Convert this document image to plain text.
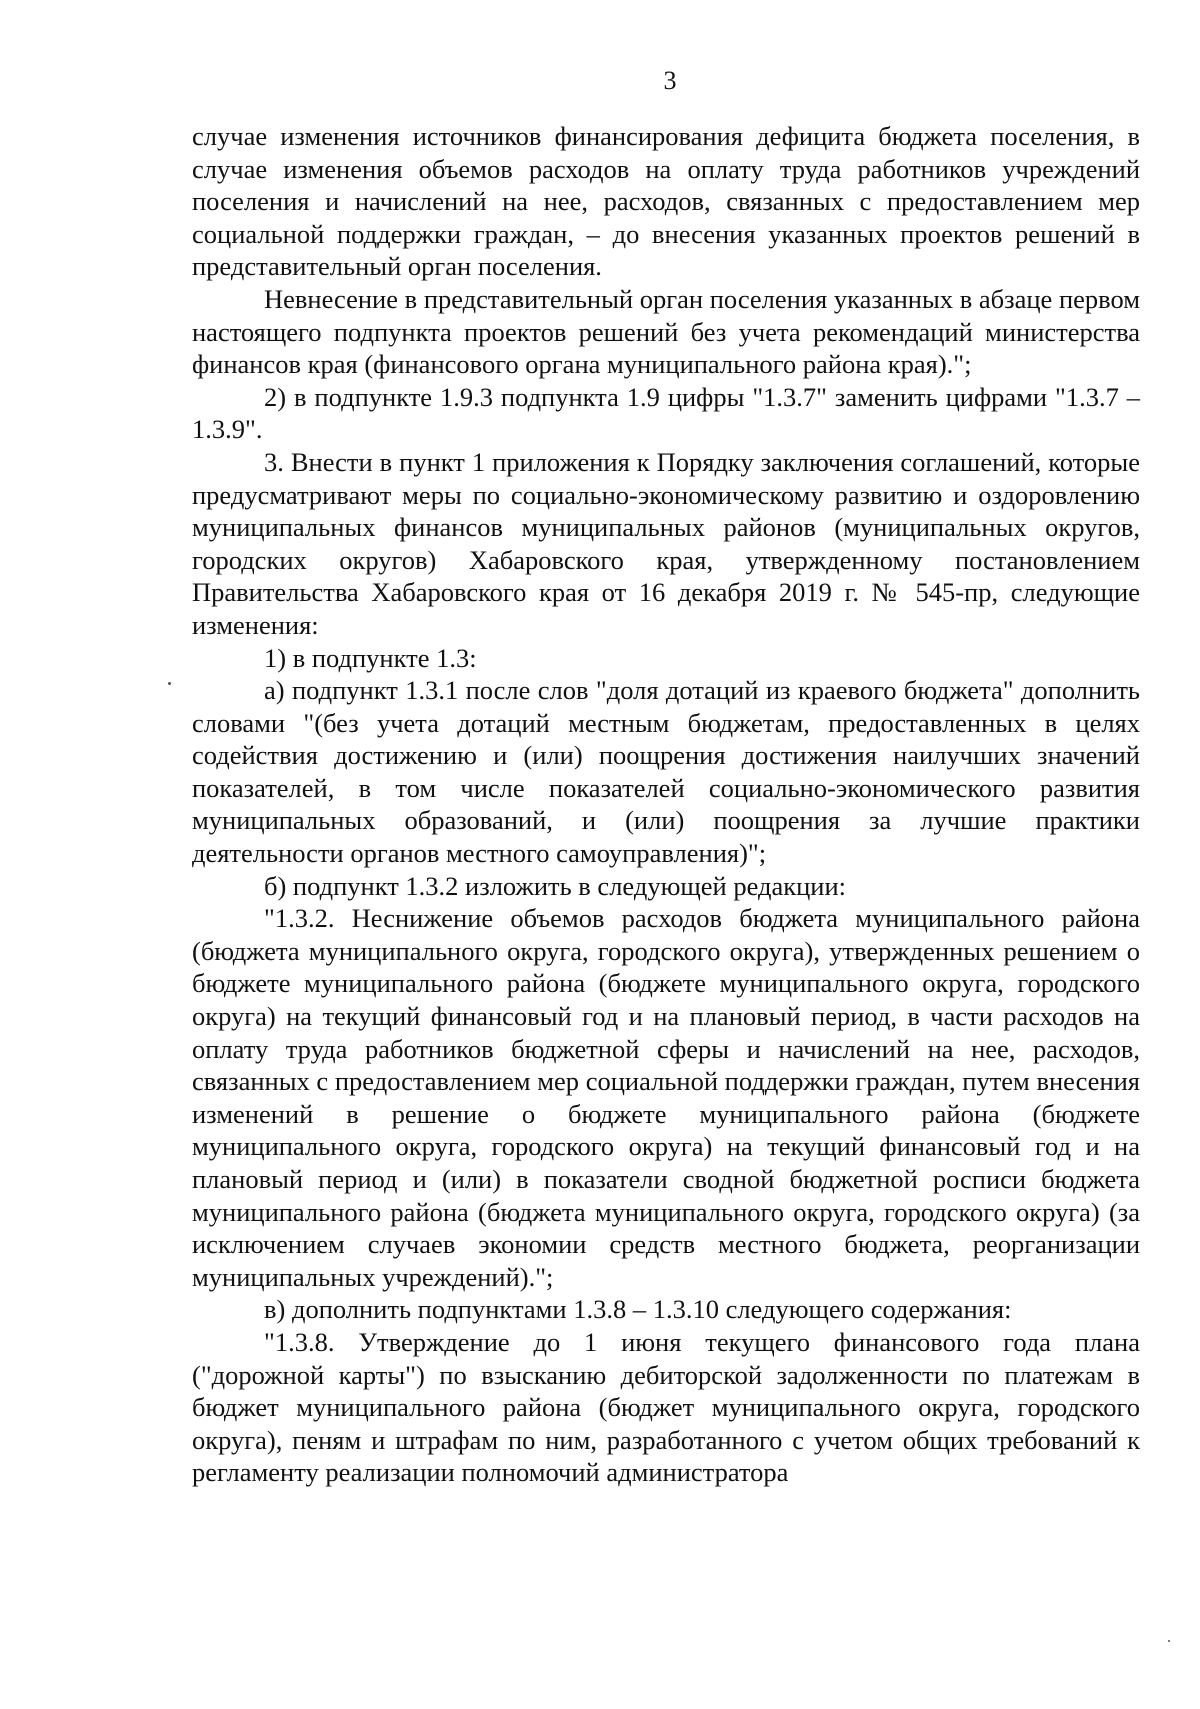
3

случае изменения источников финансирования дефицита бюджета поселения, в случае изменения объемов расходов на оплату труда работников учреждений поселения и начислений на нее, расходов, связанных с предоставлением мер социальной поддержки граждан, – до внесения указанных проектов решений в представительный орган поселения.

Невнесение в представительный орган поселения указанных в абзаце первом настоящего подпункта проектов решений без учета рекомендаций министерства финансов края (финансового органа муниципального района края).";

2) в подпункте 1.9.3 подпункта 1.9 цифры "1.3.7" заменить цифрами "1.3.7 – 1.3.9".

3. Внести в пункт 1 приложения к Порядку заключения соглашений, которые предусматривают меры по социально-экономическому развитию и оздоровлению муниципальных финансов муниципальных районов (муниципальных округов, городских округов) Хабаровского края, утвержденному постановлением Правительства Хабаровского края от 16 декабря 2019 г. № 545-пр, следующие изменения:

1) в подпункте 1.3:

а) подпункт 1.3.1 после слов "доля дотаций из краевого бюджета" дополнить словами "(без учета дотаций местным бюджетам, предоставленных в целях содействия достижению и (или) поощрения достижения наилучших значений показателей, в том числе показателей социально-экономического развития муниципальных образований, и (или) поощрения за лучшие практики деятельности органов местного самоуправления)";

б) подпункт 1.3.2 изложить в следующей редакции:

"1.3.2. Неснижение объемов расходов бюджета муниципального района (бюджета муниципального округа, городского округа), утвержденных решением о бюджете муниципального района (бюджете муниципального округа, городского округа) на текущий финансовый год и на плановый период, в части расходов на оплату труда работников бюджетной сферы и начислений на нее, расходов, связанных с предоставлением мер социальной поддержки граждан, путем внесения изменений в решение о бюджете муниципального района (бюджете муниципального округа, городского округа) на текущий финансовый год и на плановый период и (или) в показатели сводной бюджетной росписи бюджета муниципального района (бюджета муниципального округа, городского округа) (за исключением случаев экономии средств местного бюджета, реорганизации муниципальных учреждений).";

в) дополнить подпунктами 1.3.8 – 1.3.10 следующего содержания:

"1.3.8. Утверждение до 1 июня текущего финансового года плана ("дорожной карты") по взысканию дебиторской задолженности по платежам в бюджет муниципального района (бюджет муниципального округа, городского округа), пеням и штрафам по ним, разработанного с учетом общих требований к регламенту реализации полномочий администратора
